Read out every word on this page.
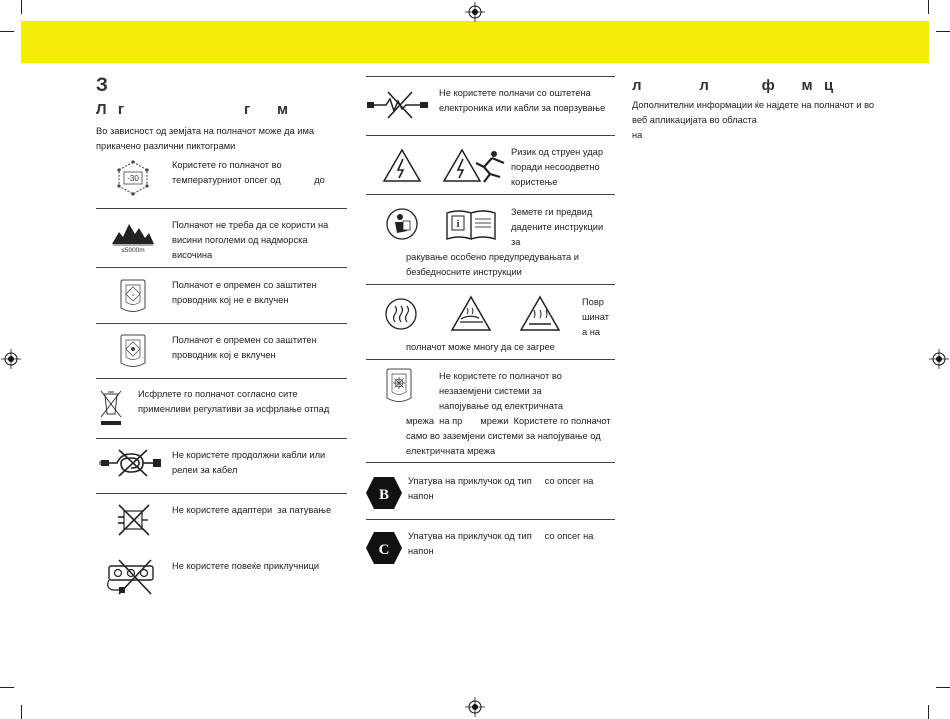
З
Л  г                       г     м
Во зависност од земјата на полначот може да има прикачено различни пиктограми
-30
Користете го полначот во температурниот опсег од             до
≤5000m
Полначот не треба да се користи на висини поголеми од надморска височина
⏚
Полначот е опремен со заштитен проводник кој не е вклучен
Полначот е опремен со заштитен проводник кој е вклучен
Исфрлете го полначот согласно сите применливи регулативи за исфрлање отпад
Не користете продолжни кабли или релеи за кабел
Не користете адаптери  за патување
Не користете повеќе приклучници
Не користете полначи со оштетена електроника или кабли за поврзување
Ризик од струен удар поради несоодветно користење
i
Земете ги предвид дадените инструкции за
ракување особено предупредувањата и безбедносните инструкции
Повр шинат а на
полначот може многу да се загрее
Не користете го полначот во незаземјени системи за напојување од електричната
мрежа  на пр       мрежи  Користете го полначот само во заземјени системи за напојување од електричната мрежа
B
Упатува на приклучок од тип     со опсег на напон
C
Упатува на приклучок од тип     со опсег на напон
л           л          ф     м  ц
Дополнителни информации ќе најдете на полначот и во веб апликацијата во областа
на
